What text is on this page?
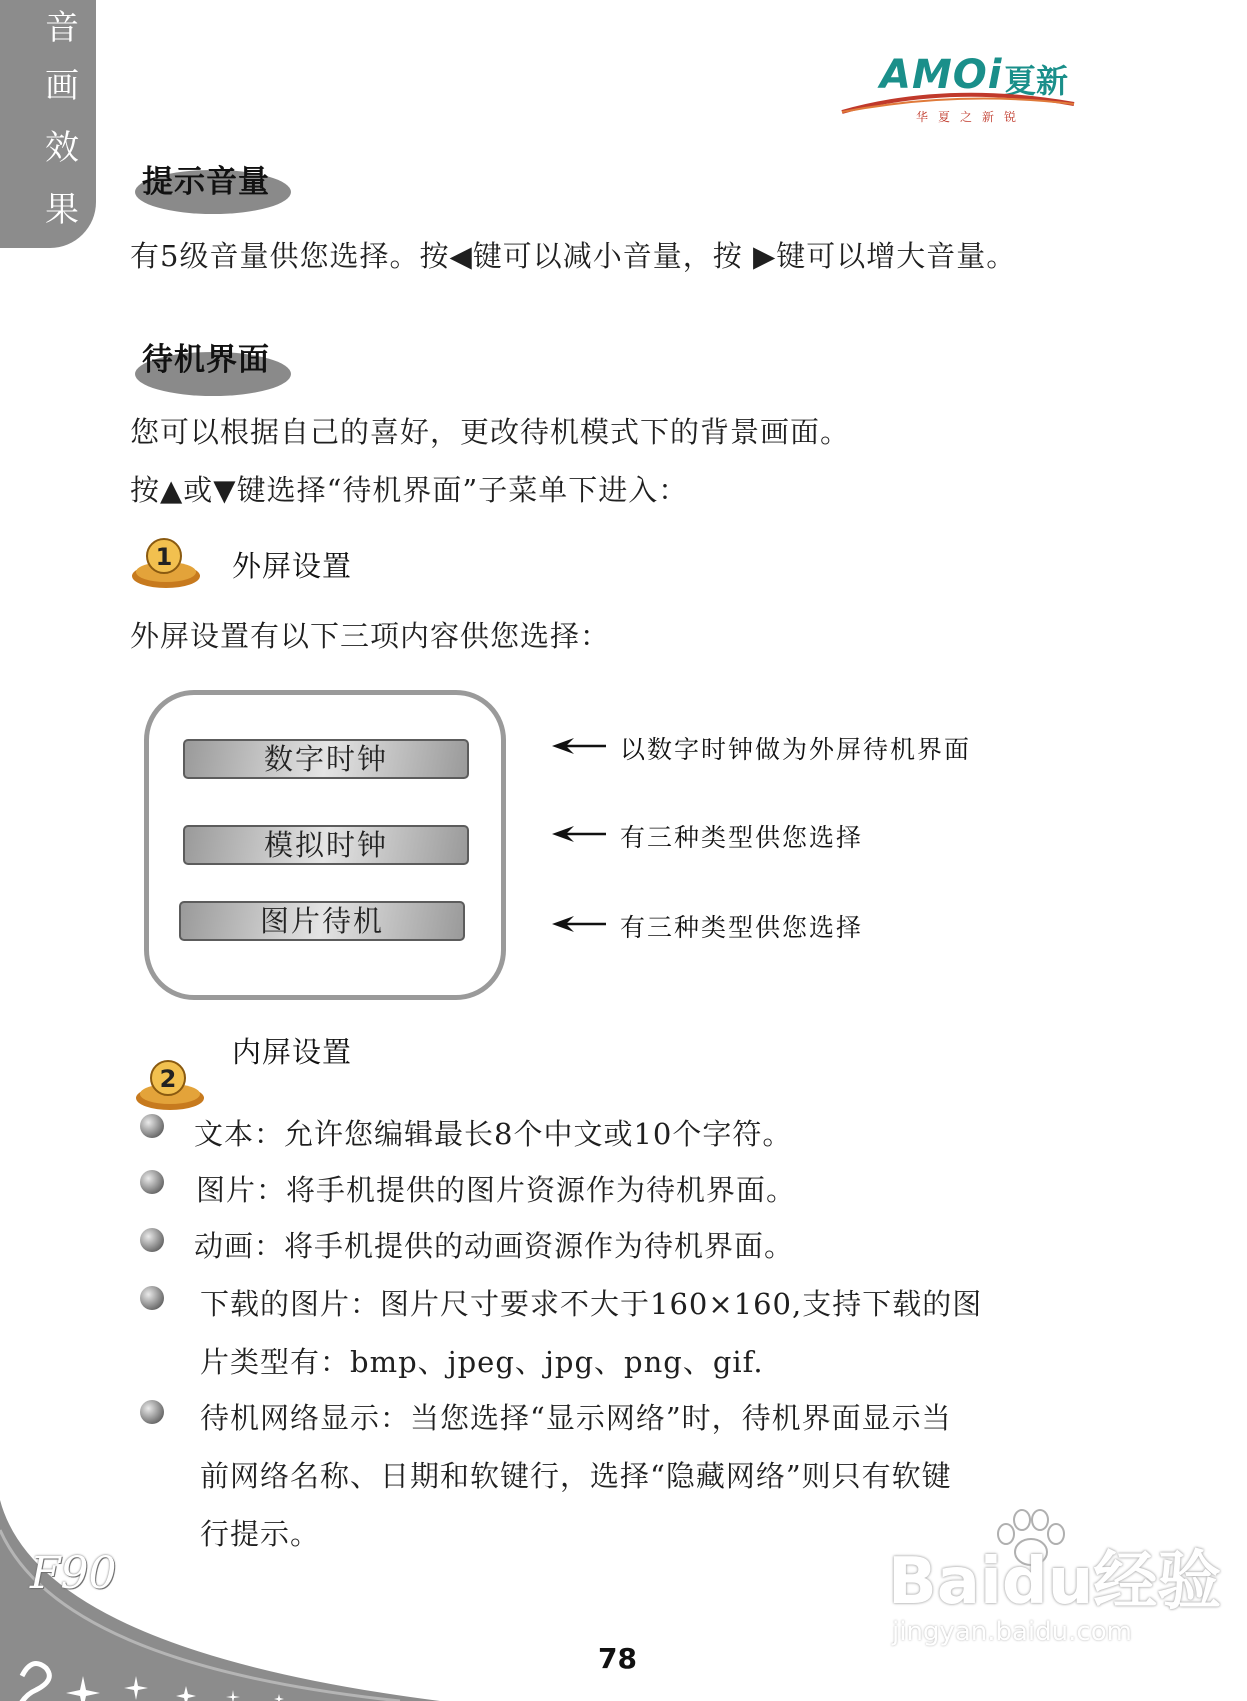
音
画
效
果
AMOi 夏新
华夏之新锐
提示音量
有5级音量供您选择。按◀键可以减小音量，按 ▶键可以增大音量。
待机界面
您可以根据自己的喜好，更改待机模式下的背景画面。
按▲或▼键选择“待机界面”子菜单下进入：
1 外屏设置
外屏设置有以下三项内容供您选择：
数字时钟
模拟时钟
图片待机
以数字时钟做为外屏待机界面
有三种类型供您选择
有三种类型供您选择
2
内屏设置
文本：允许您编辑最长8个中文或10个字符。
图片：将手机提供的图片资源作为待机界面。
动画：将手机提供的动画资源作为待机界面。
下载的图片：图片尺寸要求不大于160×160,支持下载的图
片类型有：bmp、jpeg、jpg、png、gif.
待机网络显示：当您选择“显示网络”时，待机界面显示当
前网络名称、日期和软键行，选择“隐藏网络”则只有软键
行提示。
F90
78
Baidu经验
jingyan.baidu.com
